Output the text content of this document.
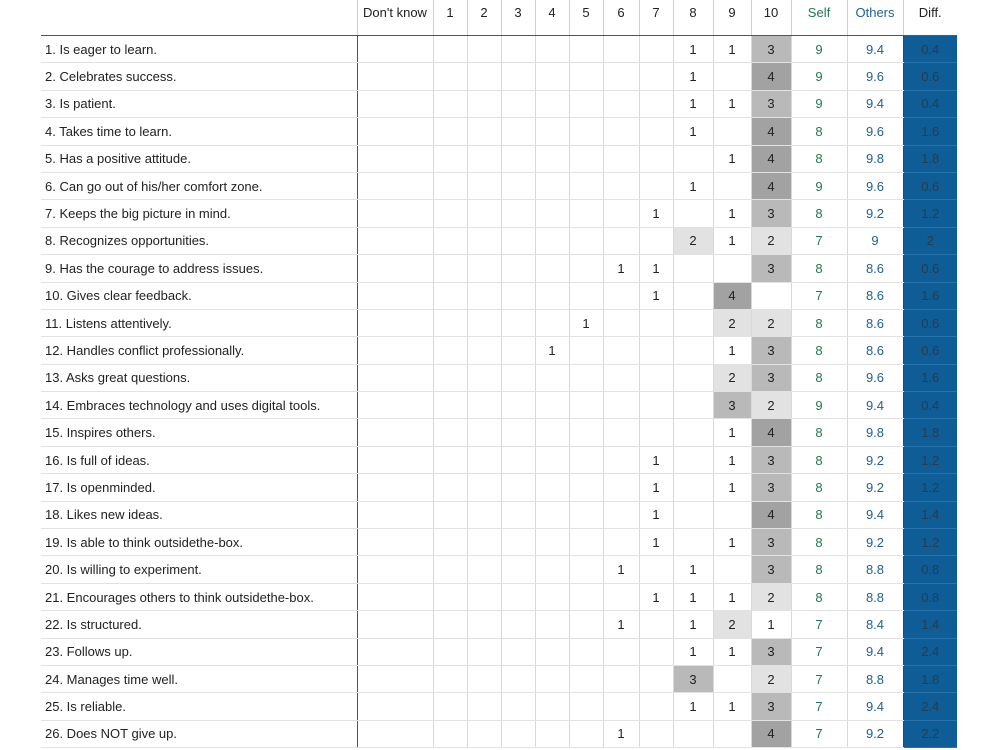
	Don't know	1	2	3	4	5	6	7	8	9	10	Self	Others	Diff.
1. Is eager to learn.									1	1	3	9	9.4	0.4
2. Celebrates success.									1		4	9	9.6	0.6
3. Is patient.									1	1	3	9	9.4	0.4
4. Takes time to learn.									1		4	8	9.6	1.6
5. Has a positive attitude.										1	4	8	9.8	1.8
6. Can go out of his/her comfort zone.									1		4	9	9.6	0.6
7. Keeps the big picture in mind.								1		1	3	8	9.2	1.2
8. Recognizes opportunities.									2	1	2	7	9	2
9. Has the courage to address issues.							1	1			3	8	8.6	0.6
10. Gives clear feedback.								1		4		7	8.6	1.6
11. Listens attentively.						1				2	2	8	8.6	0.6
12. Handles conflict professionally.					1					1	3	8	8.6	0.6
13. Asks great questions.										2	3	8	9.6	1.6
14. Embraces technology and uses digital tools.										3	2	9	9.4	0.4
15. Inspires others.										1	4	8	9.8	1.8
16. Is full of ideas.								1		1	3	8	9.2	1.2
17. Is openminded.								1		1	3	8	9.2	1.2
18. Likes new ideas.								1			4	8	9.4	1.4
19. Is able to think outsidethe-box.								1		1	3	8	9.2	1.2
20. Is willing to experiment.							1		1		3	8	8.8	0.8
21. Encourages others to think outsidethe-box.								1	1	1	2	8	8.8	0.8
22. Is structured.							1		1	2	1	7	8.4	1.4
23. Follows up.									1	1	3	7	9.4	2.4
24. Manages time well.									3		2	7	8.8	1.8
25. Is reliable.									1	1	3	7	9.4	2.4
26. Does NOT give up.							1				4	7	9.2	2.2
